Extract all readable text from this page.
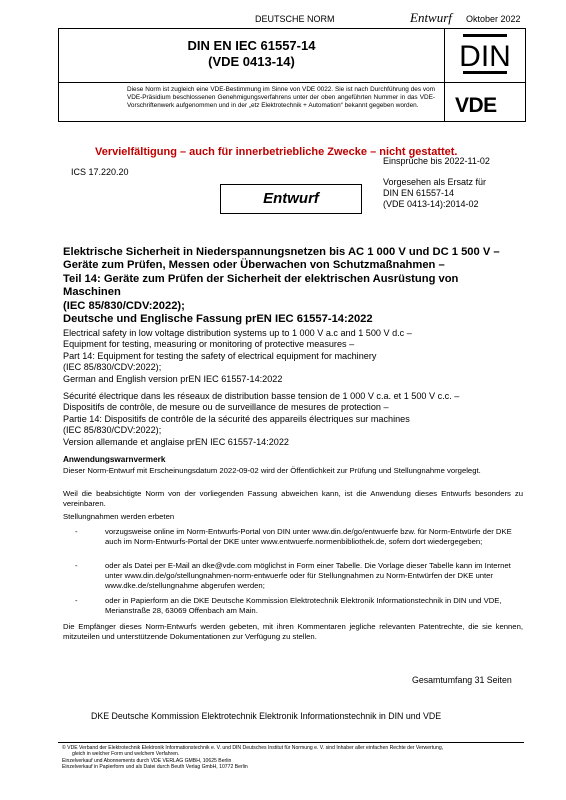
DEUTSCHE NORM	Entwurf Oktober 2022
DIN EN IEC 61557-14
(VDE 0413-14)
Diese Norm ist zugleich eine VDE-Bestimmung im Sinne von VDE 0022. Sie ist nach Durchführung des vom VDE-Präsidium beschlossenen Genehmigungsverfahrens unter der oben angeführten Nummer in das VDE-Vorschriftenwerk aufgenommen und in der „etz Elektrotechnik + Automation“ bekannt gegeben worden.
DIN
VDE
Vervielfältigung – auch für innerbetriebliche Zwecke – nicht gestattet.
Einsprüche bis 2022-11-02
ICS 17.220.20
Vorgesehen als Ersatz für
DIN EN 61557-14
(VDE 0413-14):2014-02
Entwurf
Elektrische Sicherheit in Niederspannungsnetzen bis AC 1 000 V und DC 1 500 V –
Geräte zum Prüfen, Messen oder Überwachen von Schutzmaßnahmen –
Teil 14: Geräte zum Prüfen der Sicherheit der elektrischen Ausrüstung von
Maschinen
(IEC 85/830/CDV:2022);
Deutsche und Englische Fassung prEN IEC 61557-14:2022
Electrical safety in low voltage distribution systems up to 1 000 V a.c and 1 500 V d.c –
Equipment for testing, measuring or monitoring of protective measures –
Part 14: Equipment for testing the safety of electrical equipment for machinery
(IEC 85/830/CDV:2022);
German and English version prEN IEC 61557-14:2022
Sécurité électrique dans les réseaux de distribution basse tension de 1 000 V c.a. et 1 500 V c.c. –
Dispositifs de contrôle, de mesure ou de surveillance de mesures de protection –
Partie 14: Dispositifs de contrôle de la sécurité des appareils électriques sur machines
(IEC 85/830/CDV:2022);
Version allemande et anglaise prEN IEC 61557-14:2022
Anwendungswarnvermerk
Dieser Norm-Entwurf mit Erscheinungsdatum 2022-09-02 wird der Öffentlichkeit zur Prüfung und Stellungnahme vorgelegt.
Weil die beabsichtigte Norm von der vorliegenden Fassung abweichen kann, ist die Anwendung dieses Entwurfs besonders zu vereinbaren.
Stellungnahmen werden erbeten
-	vorzugsweise online im Norm-Entwurfs-Portal von DIN unter www.din.de/go/entwuerfe bzw. für Norm-Entwürfe der DKE auch im Norm-Entwurfs-Portal der DKE unter www.entwuerfe.normenbibliothek.de, sofern dort wiedergegeben;
-	oder als Datei per E-Mail an dke@vde.com möglichst in Form einer Tabelle. Die Vorlage dieser Tabelle kann im Internet unter www.din.de/go/stellungnahmen-norm-entwuerfe oder für Stellungnahmen zu Norm-Entwürfen der DKE unter www.dke.de/stellungnahme abgerufen werden;
-	oder in Papierform an die DKE Deutsche Kommission Elektrotechnik Elektronik Informationstechnik in DIN und VDE, Merianstraße 28, 63069 Offenbach am Main.
Die Empfänger dieses Norm-Entwurfs werden gebeten, mit ihren Kommentaren jegliche relevanten Patentrechte, die sie kennen, mitzuteilen und unterstützende Dokumentationen zur Verfügung zu stellen.
Gesamtumfang 31 Seiten
DKE Deutsche Kommission Elektrotechnik Elektronik Informationstechnik in DIN und VDE
© VDE Verband der Elektrotechnik Elektronik Informationstechnik e. V. und DIN Deutsches Institut für Normung e. V. sind Inhaber aller einfachen Rechte der Verwertung,
gleich in welcher Form und welchem Verfahren.
Einzelverkauf und Abonnements durch VDE VERLAG GMBH, 10625 Berlin
Einzelverkauf in Papierform und als Datei durch Beuth Verlag GmbH, 10772 Berlin
